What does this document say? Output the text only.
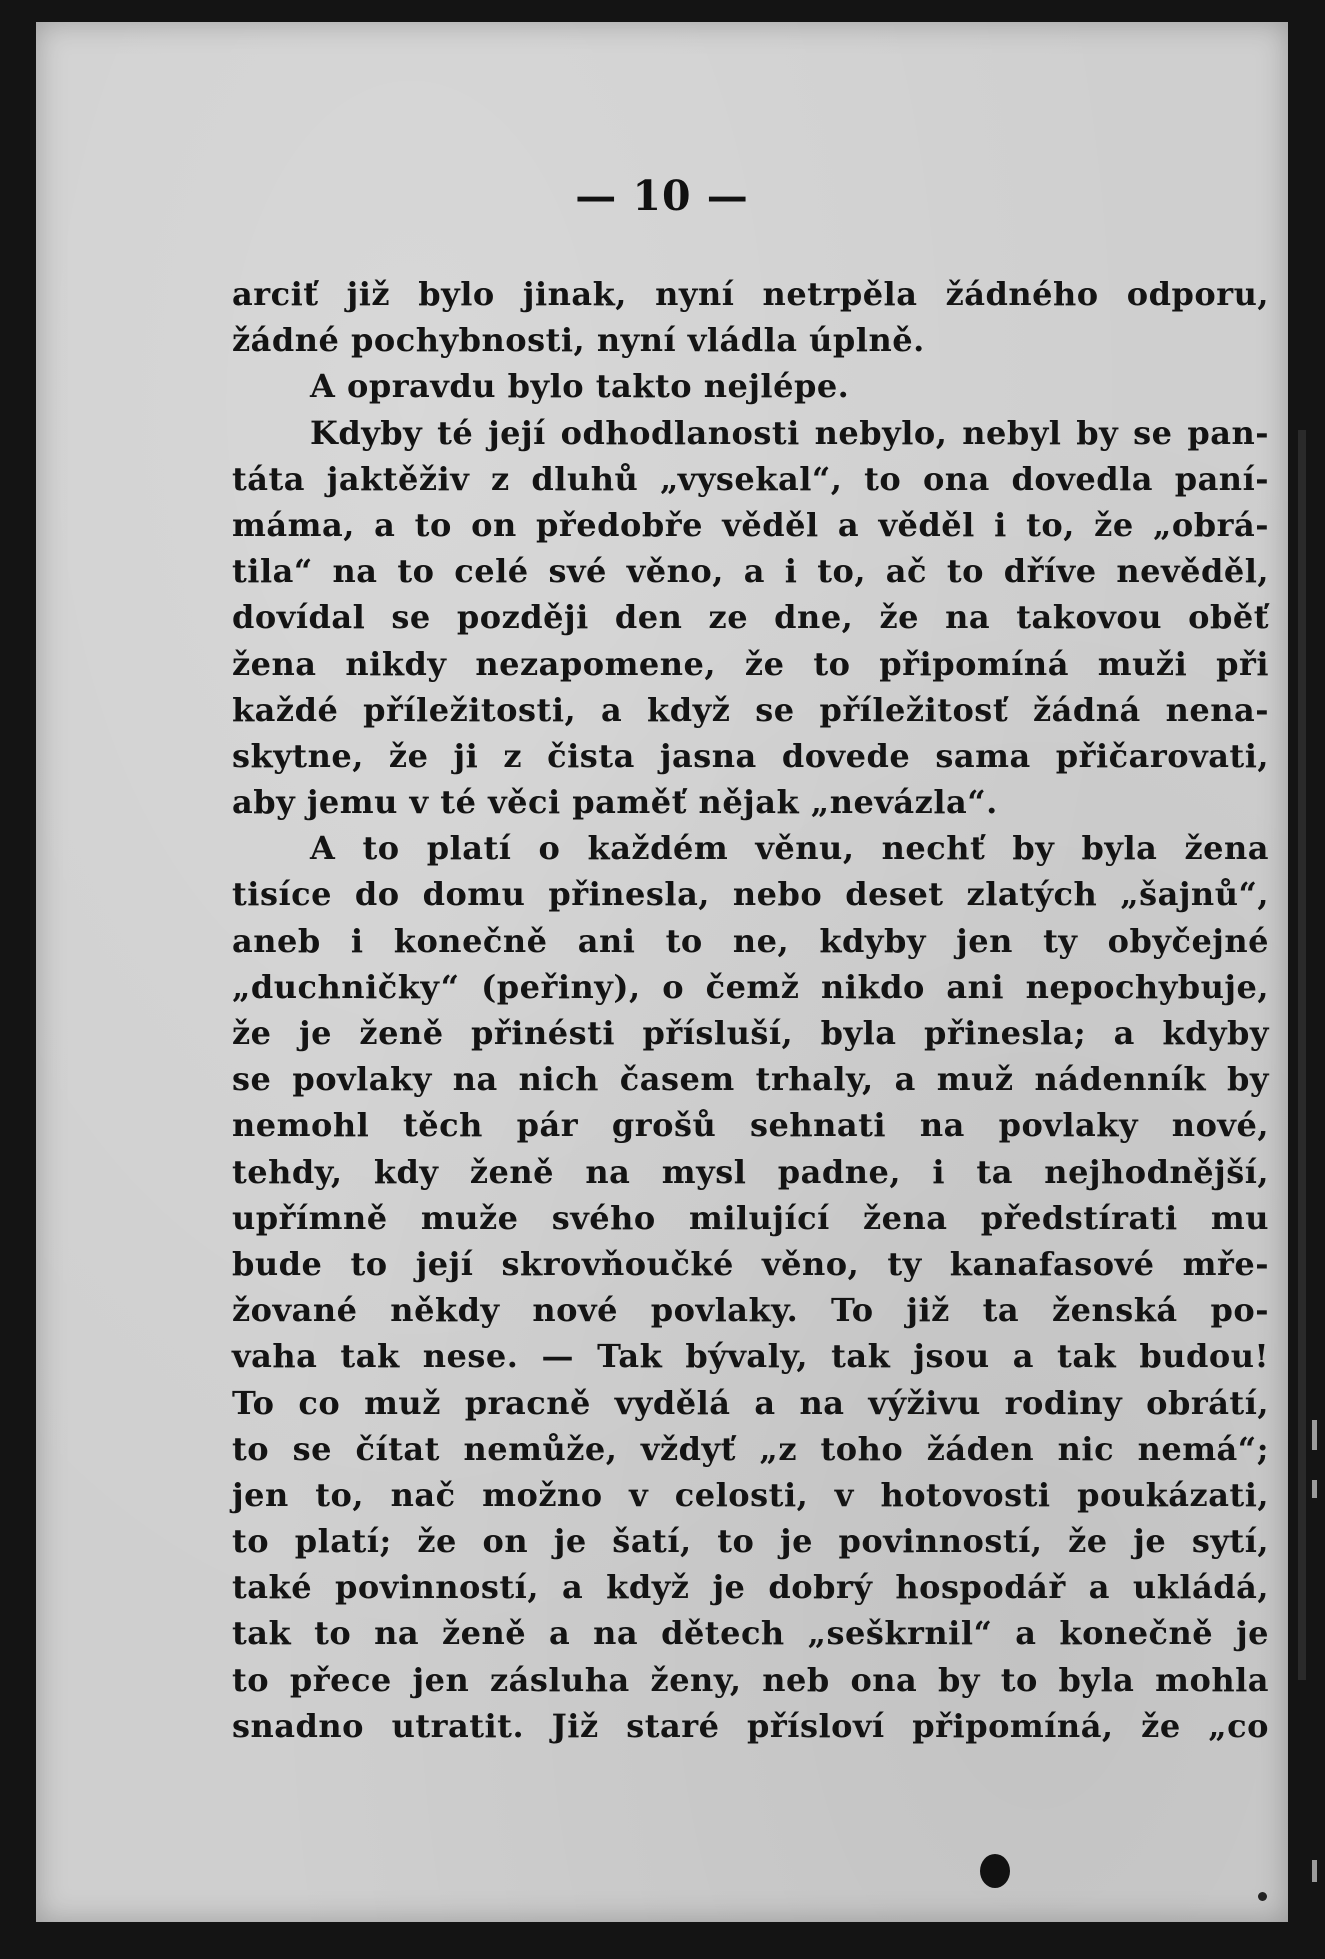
— 10 —
arciť již bylo jinak, nyní netrpěla žádného odporu,
žádné pochybnosti, nyní vládla úplně.
A opravdu bylo takto nejlépe.
Kdyby té její odhodlanosti nebylo, nebyl by se pan-
táta jaktěživ z dluhů „vysekal“, to ona dovedla paní-
máma, a to on předobře věděl a věděl i to, že „obrá-
tila“ na to celé své věno, a i to, ač to dříve nevěděl,
dovídal se později den ze dne, že na takovou oběť
žena nikdy nezapomene, že to připomíná muži při
každé příležitosti, a když se příležitosť žádná nena-
skytne, že ji z čista jasna dovede sama přičarovati,
aby jemu v té věci paměť nějak „nevázla“.
A to platí o každém věnu, nechť by byla žena
tisíce do domu přinesla, nebo deset zlatých „šajnů“,
aneb i konečně ani to ne, kdyby jen ty obyčejné
„duchničky“ (peřiny), o čemž nikdo ani nepochybuje,
že je ženě přinésti přísluší, byla přinesla; a kdyby
se povlaky na nich časem trhaly, a muž nádenník by
nemohl těch pár grošů sehnati na povlaky nové,
tehdy, kdy ženě na mysl padne, i ta nejhodnější,
upřímně muže svého milující žena předstírati mu
bude to její skrovňoučké věno, ty kanafasové mře-
žované někdy nové povlaky. To již ta ženská po-
vaha tak nese. — Tak bývaly, tak jsou a tak budou!
To co muž pracně vydělá a na výživu rodiny obrátí,
to se čítat nemůže, vždyť „z toho žáden nic nemá“;
jen to, nač možno v celosti, v hotovosti poukázati,
to platí; že on je šatí, to je povinností, že je sytí,
také povinností, a když je dobrý hospodář a ukládá,
tak to na ženě a na dětech „seškrnil“ a konečně je
to přece jen zásluha ženy, neb ona by to byla mohla
snadno utratit. Již staré přísloví připomíná, že „co
